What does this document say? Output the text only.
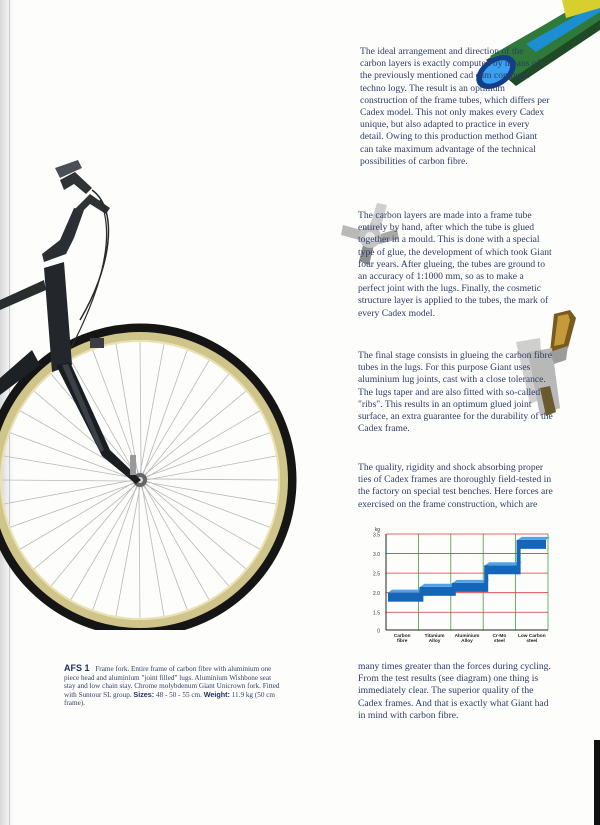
The ideal arrangement and direction of the carbon layers is exactly computed by means of the previously mentioned cad cam computer techno logy. The result is an optimum construction of the frame tubes, which differs per Cadex model. This not only makes every Cadex unique, but also adapted to practice in every detail. Owing to this production method Giant can take maximum advantage of the technical possibilities of carbon fibre.

The carbon layers are made into a frame tube entirely by hand, after which the tube is glued together in a mould. This is done with a special type of glue, the development of which took Giant four years. After glueing, the tubes are ground to an accuracy of 1:1000 mm, so as to make a perfect joint with the lugs. Finally, the cosmetic structure layer is applied to the tubes, the mark of every Cadex model.

The final stage consists in glueing the carbon fibre tubes in the lugs. For this purpose Giant uses aluminium lug joints, cast with a close tolerance. The lugs taper and are also fitted with so-called "ribs". This results in an optimum glued joint surface, an extra guarantee for the durability of the Cadex frame.

The quality, rigidity and shock absorbing proper ties of Cadex frames are thoroughly field-tested in the factory on special test benches. Here forces are exercised on the frame construction, which are

many times greater than the forces during cycling. From the test results (see diagram) one thing is immediately clear. The superior quality of the Cadex frames. And that is exactly what Giant had in mind with carbon fibre.

AFS 1 Frame fork. Entire frame of carbon fibre with aluminium one piece head and aluminium "joint filled" lugs. Aluminium Wishbone seat stay and low chain stay. Chrome molybdenum Giant Unicrown fork. Fitted with Suntour SL group. Sizes: 48 - 50 - 55 cm. Weight: 11.9 kg (50 cm frame).
0
1.5
2.0
2.5
3.0
3.5
kg
Carbon
fibre
Titanium
Alloy
Aluminium
Alloy
Cr-Mo
steel
Low Carbon
steel
